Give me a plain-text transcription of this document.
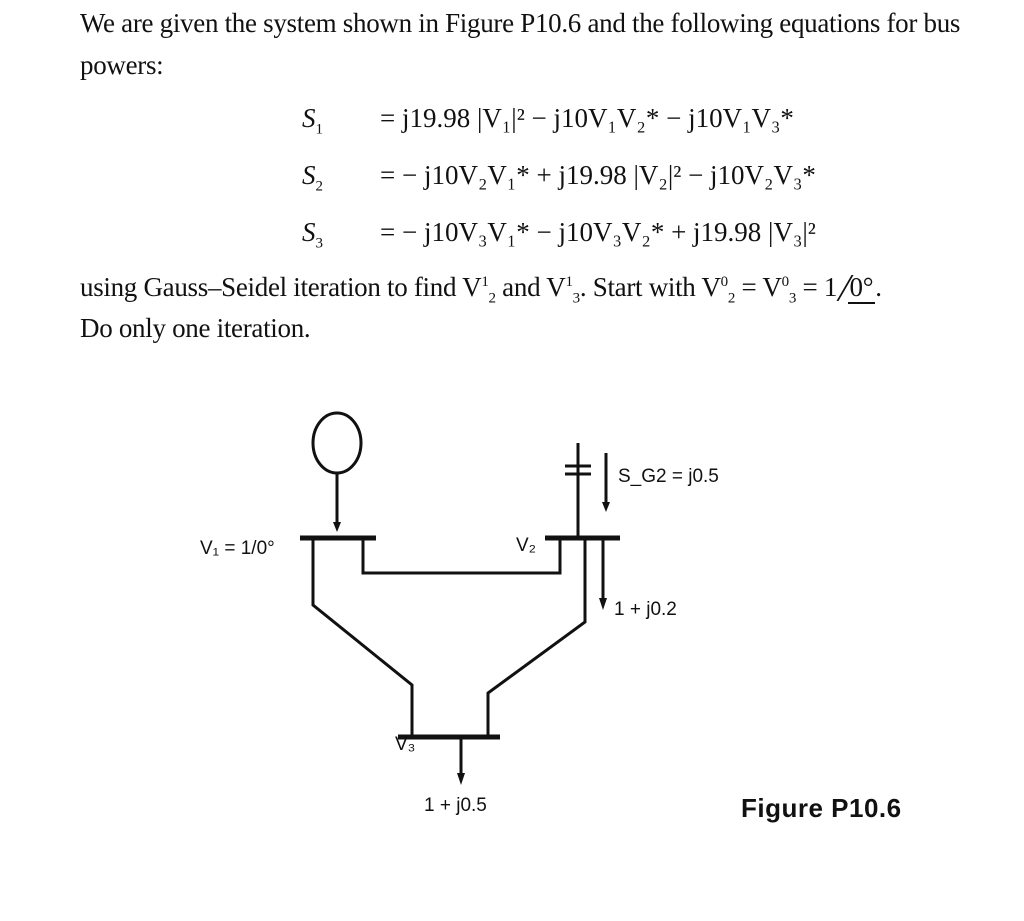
We are given the system shown in Figure P10.6 and the following equations for bus
powers:
$S_1 = j19.98$ |V₁|² − j10V₁V₂* − j10V₁V₃*
$S_2$ = − j10V₂V₁* + j19.98 |V₂|² − j10V₂V₃*
$S_3$ = − j10V₃V₁* − j10V₃V₂* + j19.98 |V₃|²
using Gauss–Seidel iteration to find $V^1_2$ and $V^1_3$. Start with $V^0_2 = V^0_3 = 1$ 0°.
Do only one iteration.
V₁ = 1/0°	V₂
V₃
S_G2 = j0.5
1 + j0.2
1 + j0.5	Figure P10.6
